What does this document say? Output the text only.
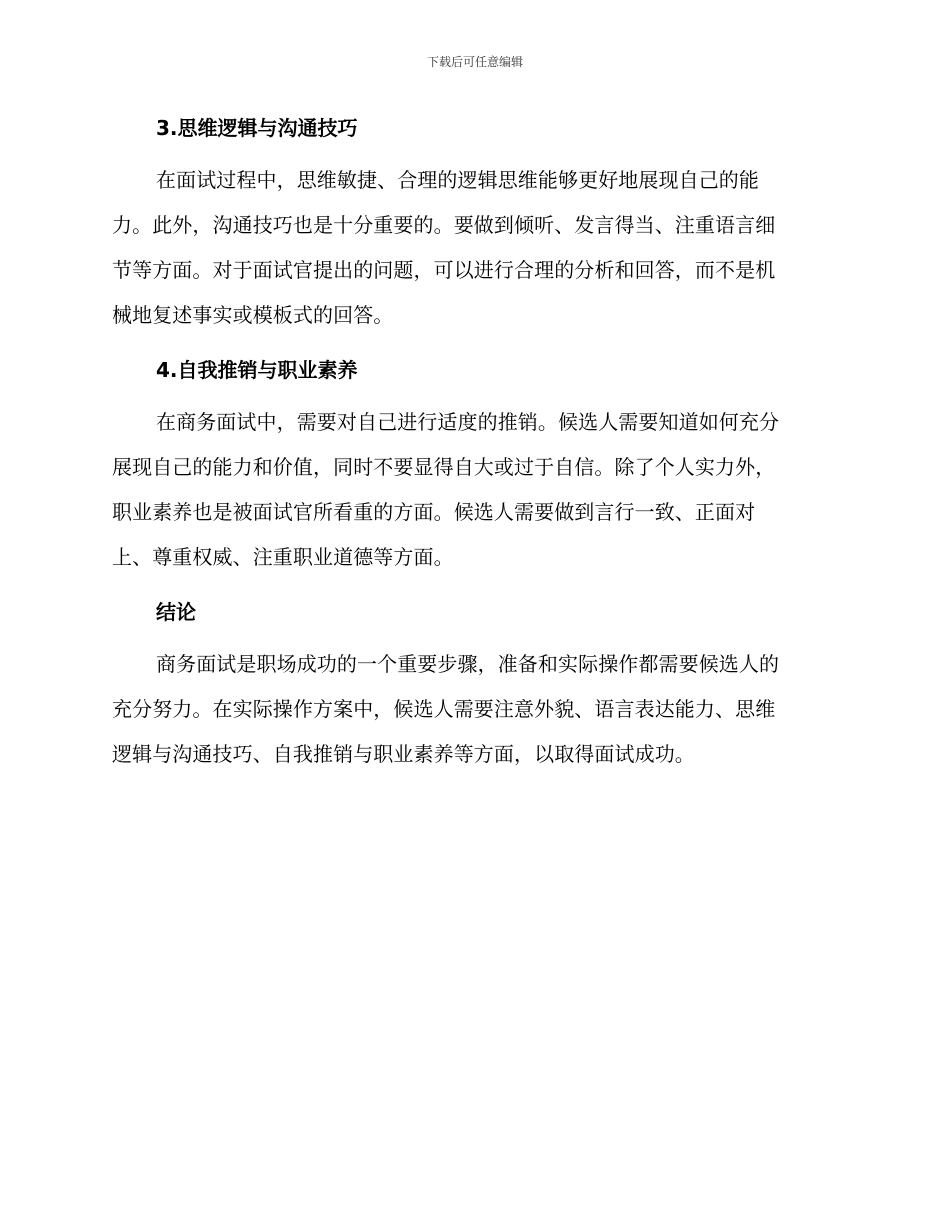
下载后可任意编辑
3.思维逻辑与沟通技巧
在面试过程中，思维敏捷、合理的逻辑思维能够更好地展现自己的能
力。此外，沟通技巧也是十分重要的。要做到倾听、发言得当、注重语言细
节等方面。对于面试官提出的问题，可以进行合理的分析和回答，而不是机
械地复述事实或模板式的回答。
4.自我推销与职业素养
在商务面试中，需要对自己进行适度的推销。候选人需要知道如何充分
展现自己的能力和价值，同时不要显得自大或过于自信。除了个人实力外，
职业素养也是被面试官所看重的方面。候选人需要做到言行一致、正面对
上、尊重权威、注重职业道德等方面。
结论
商务面试是职场成功的一个重要步骤，准备和实际操作都需要候选人的
充分努力。在实际操作方案中，候选人需要注意外貌、语言表达能力、思维
逻辑与沟通技巧、自我推销与职业素养等方面，以取得面试成功。
